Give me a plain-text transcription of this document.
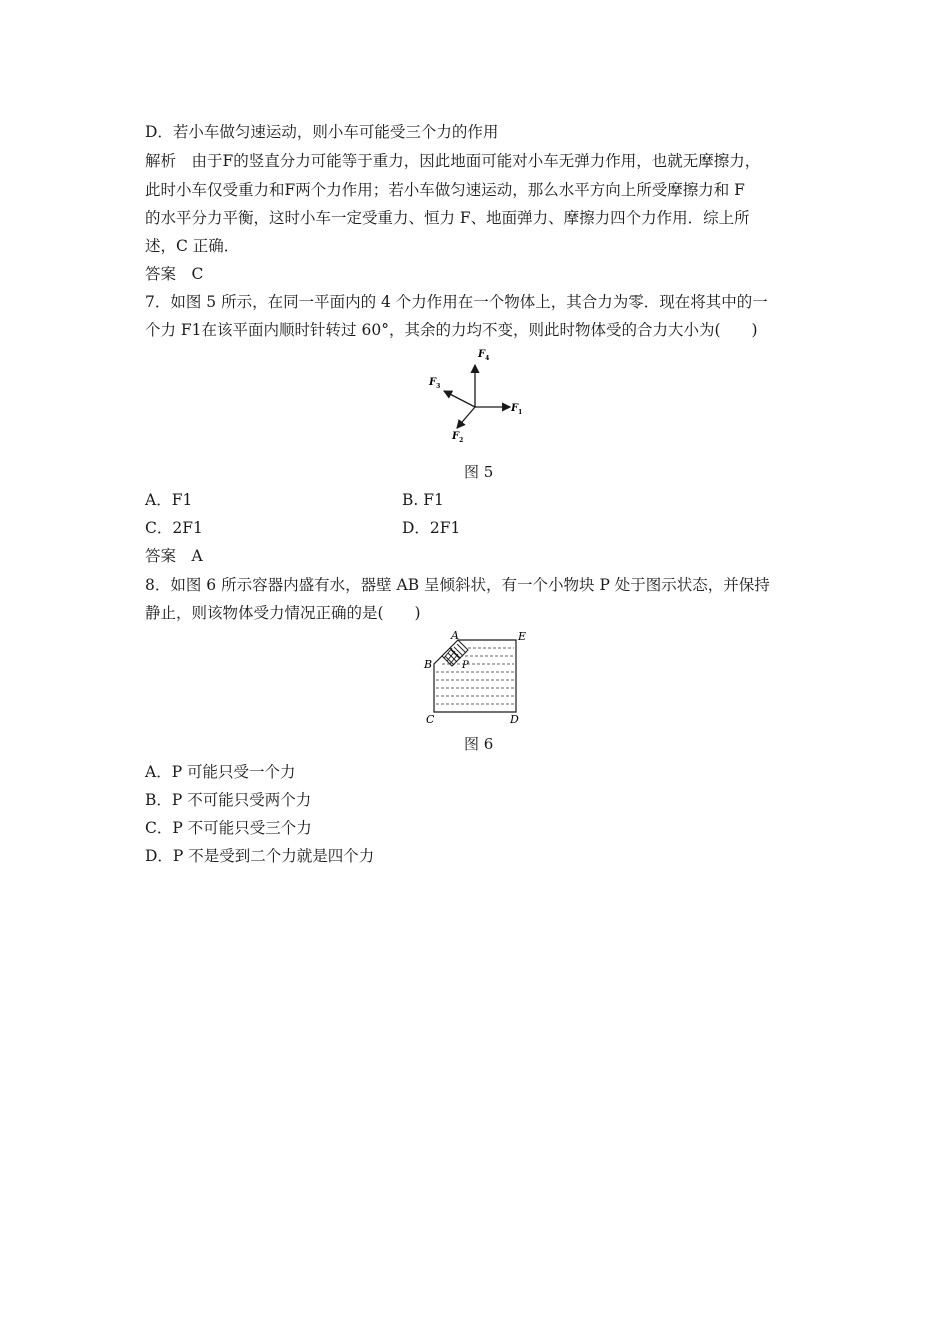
D．若小车做匀速运动，则小车可能受三个力的作用
解析　由于F的竖直分力可能等于重力，因此地面可能对小车无弹力作用，也就无摩擦力，
此时小车仅受重力和F两个力作用；若小车做匀速运动，那么水平方向上所受摩擦力和 F
的水平分力平衡，这时小车一定受重力、恒力 F、地面弹力、摩擦力四个力作用．综上所
述，C 正确．
答案　C
7．如图 5 所示，在同一平面内的 4 个力作用在一个物体上，其合力为零．现在将其中的一
个力 F1在该平面内顺时针转过 60°，其余的力均不变，则此时物体受的合力大小为(　　)
$F_1$
$F_4$
$F_3$
$F_2$
图 5
A．F1	B. F1
C．2F1	D．2F1
答案　A
8．如图 6 所示容器内盛有水，器壁 AB 呈倾斜状，有一个小物块 P 处于图示状态，并保持
静止，则该物体受力情况正确的是(　　)
A	E
B	P
C	D
图 6
A．P 可能只受一个力
B．P 不可能只受两个力
C．P 不可能只受三个力
D．P 不是受到二个力就是四个力
